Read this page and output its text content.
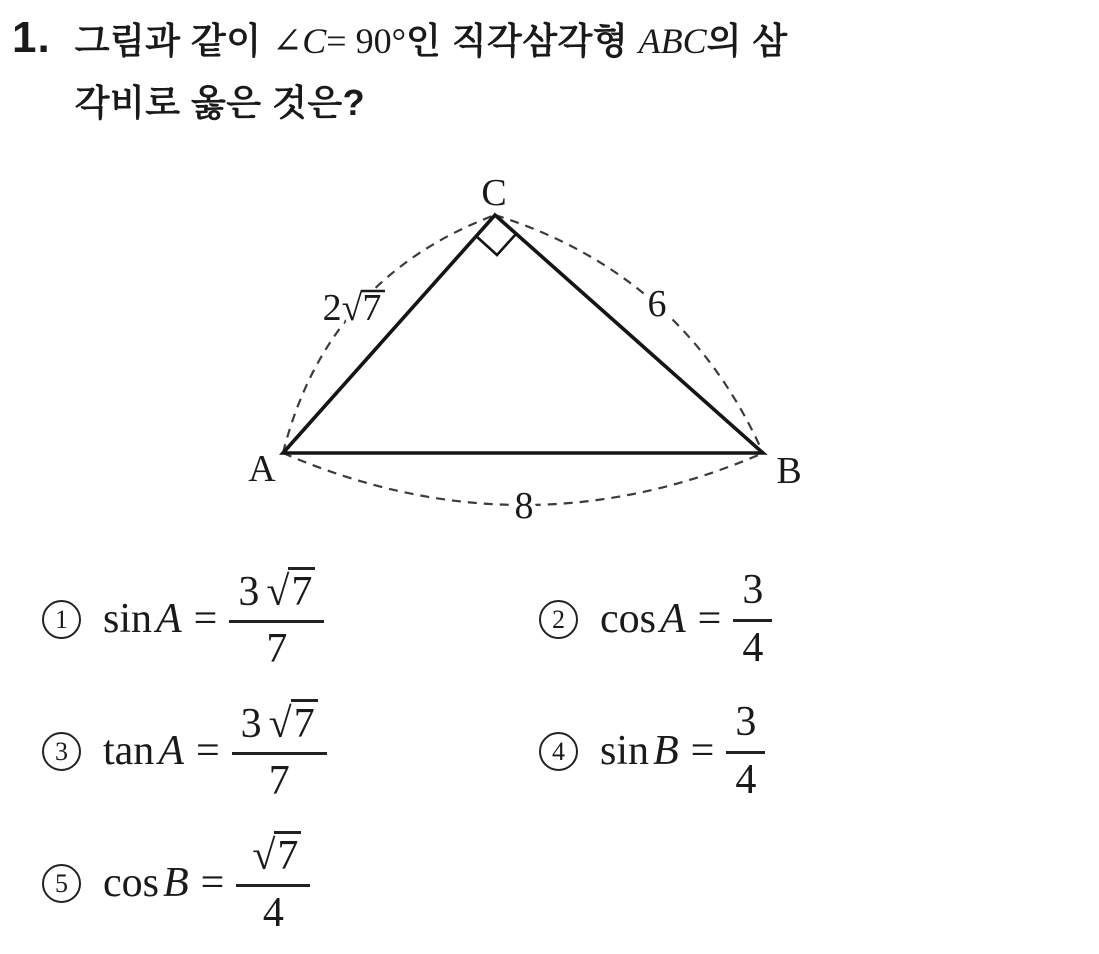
1. 그림과 같이 ∠C= 90°인 직각삼각형 ABC의 삼
각비로 옳은 것은?
C
A	B
2√7	6
8
1 $\sin A = \frac{3 √ 7}{7}$	2 $\cos A = \frac{3}{4}$
3 $\tan A = \frac{3 √ 7}{7}$	4 $\sin B = \frac{3}{4}$
5 $\cos B = \frac{√ 7}{4}$
